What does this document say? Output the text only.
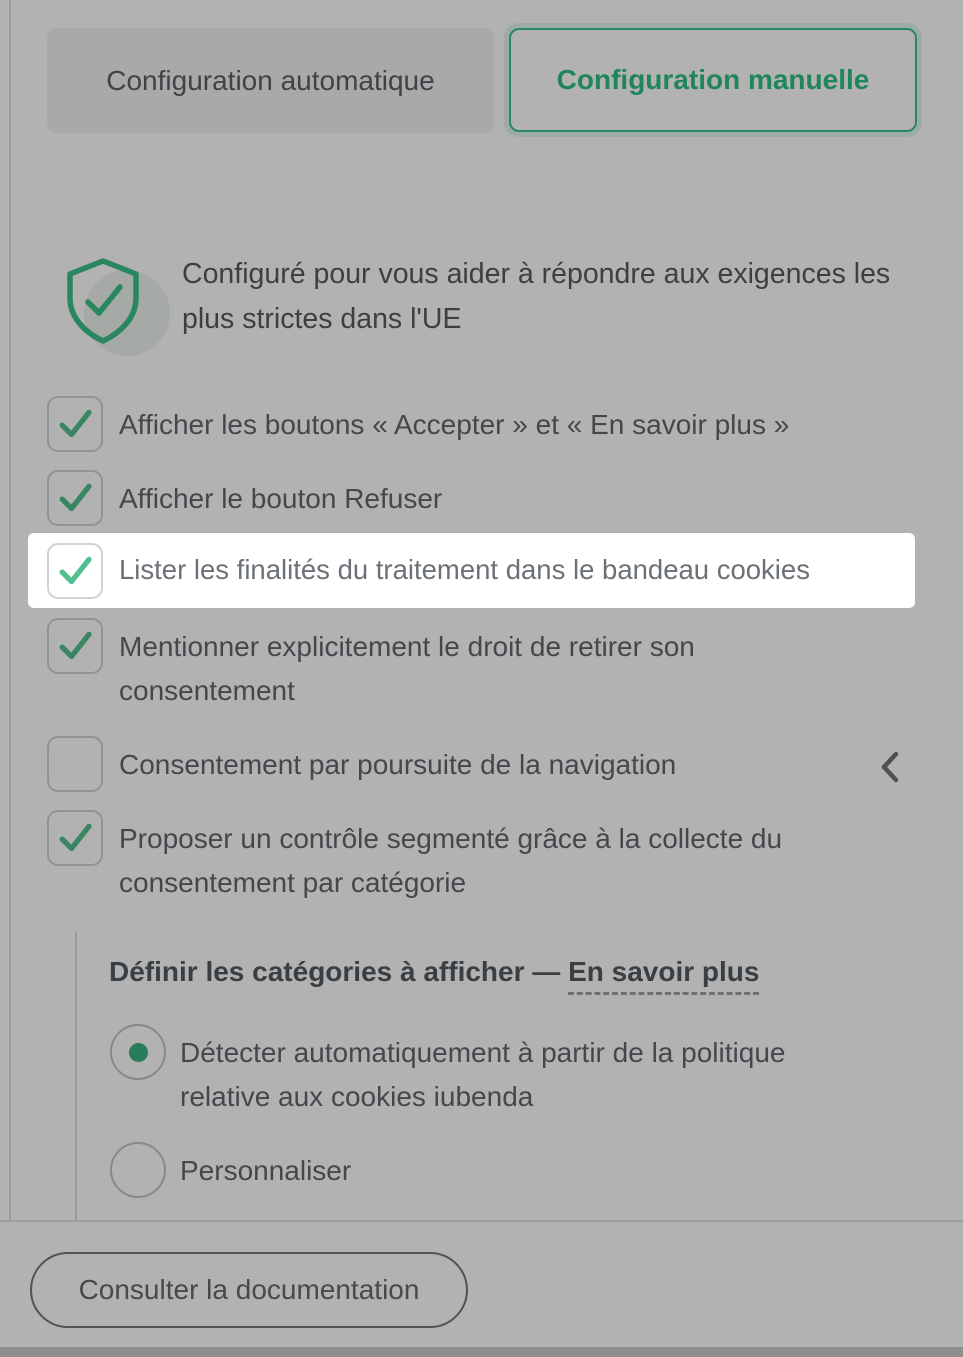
Configuration automatique	Configuration manuelle
Configuré pour vous aider à répondre aux exigences les plus strictes dans l'UE
Afficher les boutons « Accepter » et « En savoir plus »
Afficher le bouton Refuser
Mentionner explicitement le droit de retirer son consentement
Consentement par poursuite de la navigation
Proposer un contrôle segmenté grâce à la collecte du consentement par catégorie
Définir les catégories à afficher — En savoir plus
Détecter automatiquement à partir de la politique relative aux cookies iubenda
Personnaliser
Consulter la documentation
Lister les finalités du traitement dans le bandeau cookies
